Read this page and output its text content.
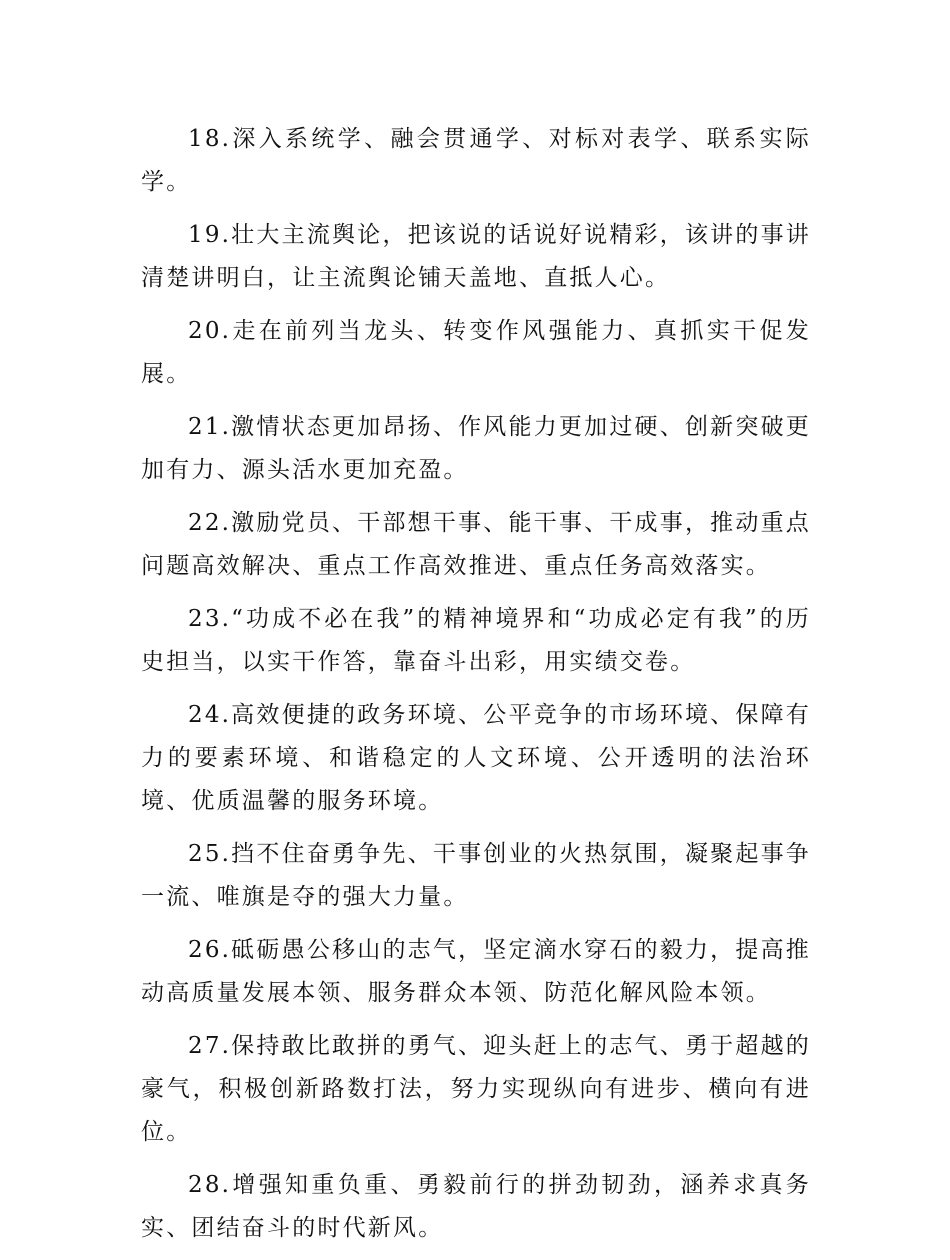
18.深入系统学、融会贯通学、对标对表学、联系实际学。

19.壮大主流舆论，把该说的话说好说精彩，该讲的事讲清楚讲明白，让主流舆论铺天盖地、直抵人心。

20.走在前列当龙头、转变作风强能力、真抓实干促发展。

21.激情状态更加昂扬、作风能力更加过硬、创新突破更加有力、源头活水更加充盈。

22.激励党员、干部想干事、能干事、干成事，推动重点问题高效解决、重点工作高效推进、重点任务高效落实。

23.“功成不必在我”的精神境界和“功成必定有我”的历史担当，以实干作答，靠奋斗出彩，用实绩交卷。

24.高效便捷的政务环境、公平竞争的市场环境、保障有力的要素环境、和谐稳定的人文环境、公开透明的法治环境、优质温馨的服务环境。

25.挡不住奋勇争先、干事创业的火热氛围，凝聚起事争一流、唯旗是夺的强大力量。

26.砥砺愚公移山的志气，坚定滴水穿石的毅力，提高推动高质量发展本领、服务群众本领、防范化解风险本领。

27.保持敢比敢拼的勇气、迎头赶上的志气、勇于超越的豪气，积极创新路数打法，努力实现纵向有进步、横向有进位。

28.增强知重负重、勇毅前行的拼劲韧劲，涵养求真务实、团结奋斗的时代新风。
